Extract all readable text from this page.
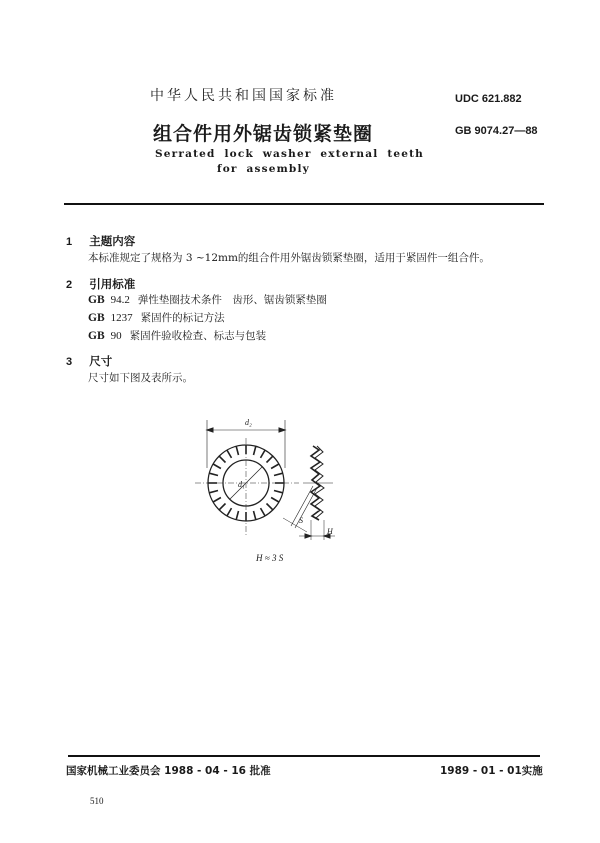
中华人民共和国国家标准	UDC 621.882
GB 9074.27—88
组合件用外锯齿锁紧垫圈
Serrated lock washer external teeth
for assembly
1 主题内容
本标准规定了规格为 3 ~12mm的组合件用外锯齿锁紧垫圈，适用于紧固件一组合件。
2 引用标准
GB 94.2 弹性垫圈技术条件　齿形、锯齿锁紧垫圈
GB 1237 紧固件的标记方法
GB 90 紧固件验收检查、标志与包装
3 尺寸
尺寸如下图及表所示。
d₂
d₁
S
H
H ≈ 3 S
国家机械工业委员会 1988 - 04 - 16 批准	1989 - 01 - 01实施
510
